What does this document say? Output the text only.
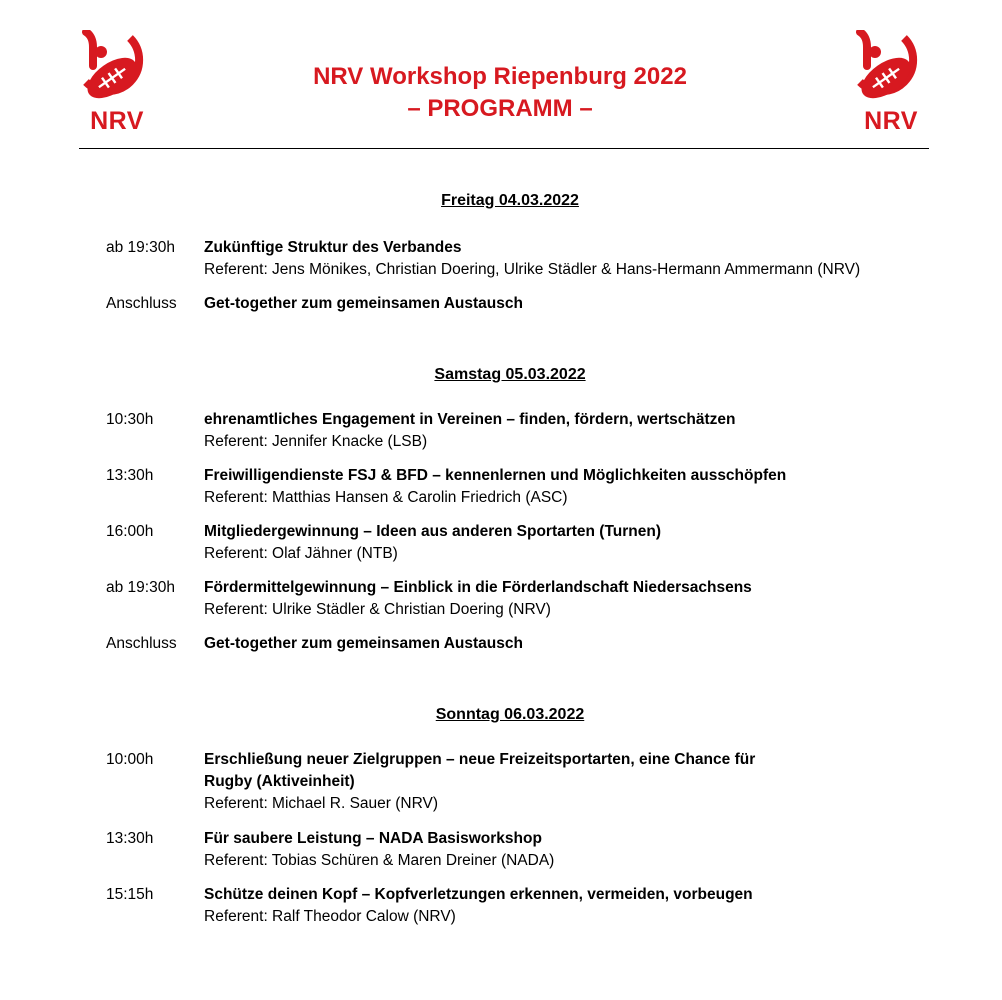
NRV	NRV
NRV Workshop Riepenburg 2022
– PROGRAMM –
Freitag 04.03.2022
ab 19:30h	Zukünftige Struktur des Verbandes
Referent: Jens Mönikes, Christian Doering, Ulrike Städler & Hans-Hermann Ammermann (NRV)
Anschluss	Get-together zum gemeinsamen Austausch
Samstag 05.03.2022
10:30h	ehrenamtliches Engagement in Vereinen – finden, fördern, wertschätzen
Referent: Jennifer Knacke (LSB)
13:30h	Freiwilligendienste FSJ & BFD – kennenlernen und Möglichkeiten ausschöpfen
Referent: Matthias Hansen & Carolin Friedrich (ASC)
16:00h	Mitgliedergewinnung – Ideen aus anderen Sportarten (Turnen)
Referent: Olaf Jähner (NTB)
ab 19:30h	Fördermittelgewinnung – Einblick in die Förderlandschaft Niedersachsens
Referent: Ulrike Städler & Christian Doering (NRV)
Anschluss	Get-together zum gemeinsamen Austausch
Sonntag 06.03.2022
10:00h	Erschließung neuer Zielgruppen – neue Freizeitsportarten, eine Chance für
Rugby (Aktiveinheit)
Referent: Michael R. Sauer (NRV)
13:30h	Für saubere Leistung – NADA Basisworkshop
Referent: Tobias Schüren & Maren Dreiner (NADA)
15:15h	Schütze deinen Kopf – Kopfverletzungen erkennen, vermeiden, vorbeugen
Referent: Ralf Theodor Calow (NRV)
